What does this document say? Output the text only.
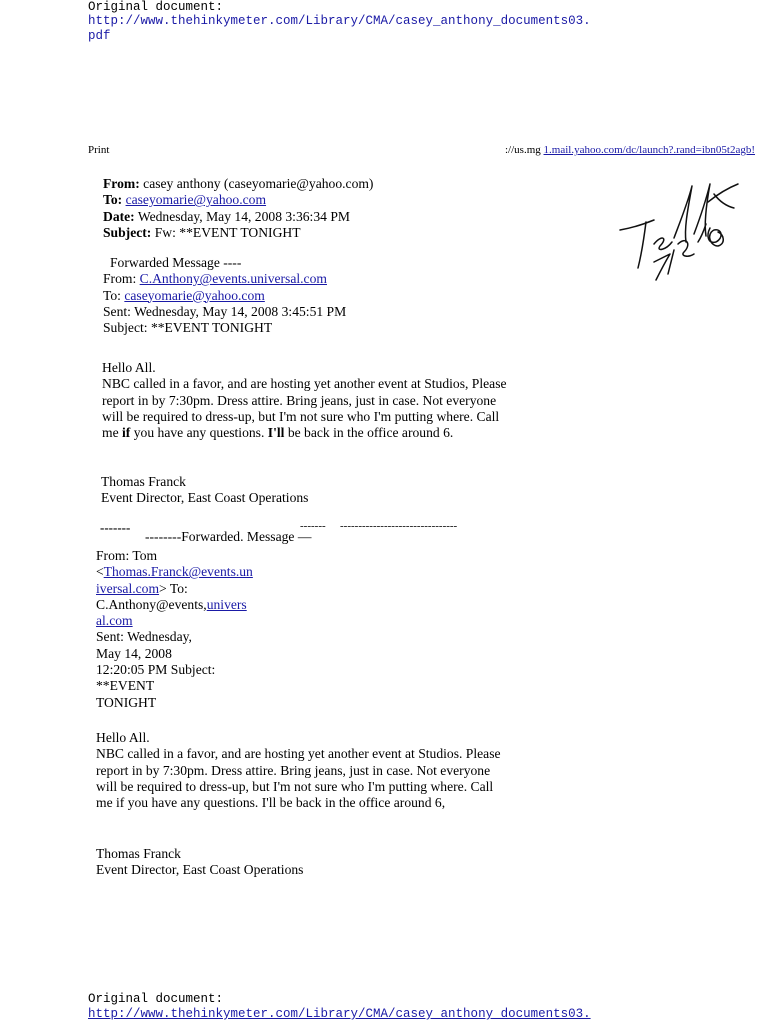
Original document:
http://www.thehinkymeter.com/Library/CMA/casey_anthony_documents03.
pdf
Print	://us.mg 1.mail.yahoo.com/dc/launch?.rand=ibn05t2agb!
From: casey anthony (caseyomarie@yahoo.com)
To: caseyomarie@yahoo.com
Date: Wednesday, May 14, 2008 3:36:34 PM
Subject: Fw: **EVENT TONIGHT
Forwarded Message ----
From: C.Anthony@events.universal.com
To: caseyomarie@yahoo.com
Sent: Wednesday, May 14, 2008 3:45:51 PM
Subject: **EVENT TONIGHT
Hello All.
NBC called in a favor, and are hosting yet another event at Studios, Please
report in by 7:30pm. Dress attire. Bring jeans, just in case. Not everyone
will be required to dress-up, but I'm not sure who I'm putting where. Call
me if you have any questions. I'll be back in the office around 6.
Thomas Franck
Event Director, East Coast Operations
-------
--------Forwarded. Message —
------- --------------------------------
From: Tom
<Thomas.Franck@events.un
iversal.com> To:
C.Anthony@events,univers
al.com
Sent: Wednesday,
May 14, 2008
12:20:05 PM Subject:
**EVENT
TONIGHT
Hello All.
NBC called in a favor, and are hosting yet another event at Studios. Please
report in by 7:30pm. Dress attire. Bring jeans, just in case. Not everyone
will be required to dress-up, but I'm not sure who I'm putting where. Call
me if you have any questions. I'll be back in the office around 6,
Thomas Franck
Event Director, East Coast Operations
Original document:
http://www.thehinkymeter.com/Library/CMA/casey_anthony_documents03.
